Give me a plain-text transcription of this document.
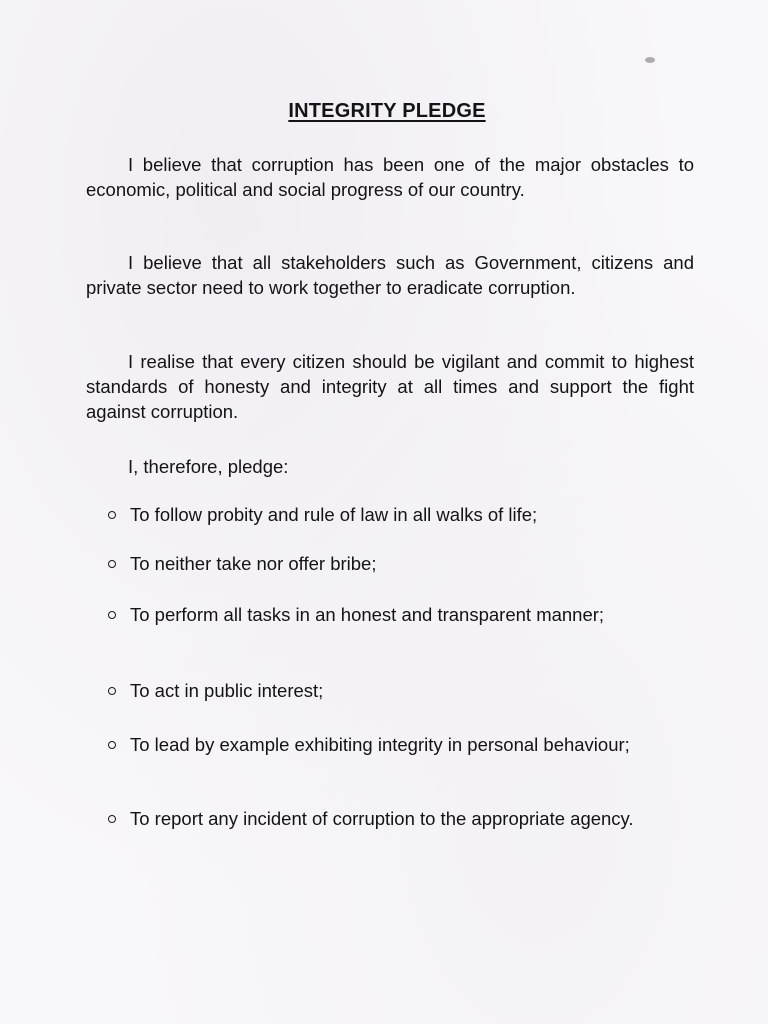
INTEGRITY PLEDGE

I believe that corruption has been one of the major obstacles to economic, political and social progress of our country.

I believe that all stakeholders such as Government, citizens and private sector need to work together to eradicate corruption.

I realise that every citizen should be vigilant and commit to highest standards of honesty and integrity at all times and support the fight against corruption.

I, therefore, pledge:

To follow probity and rule of law in all walks of life;
To neither take nor offer bribe;
To perform all tasks in an honest and transparent manner;
To act in public interest;
To lead by example exhibiting integrity in personal behaviour;
To report any incident of corruption to the appropriate agency.
